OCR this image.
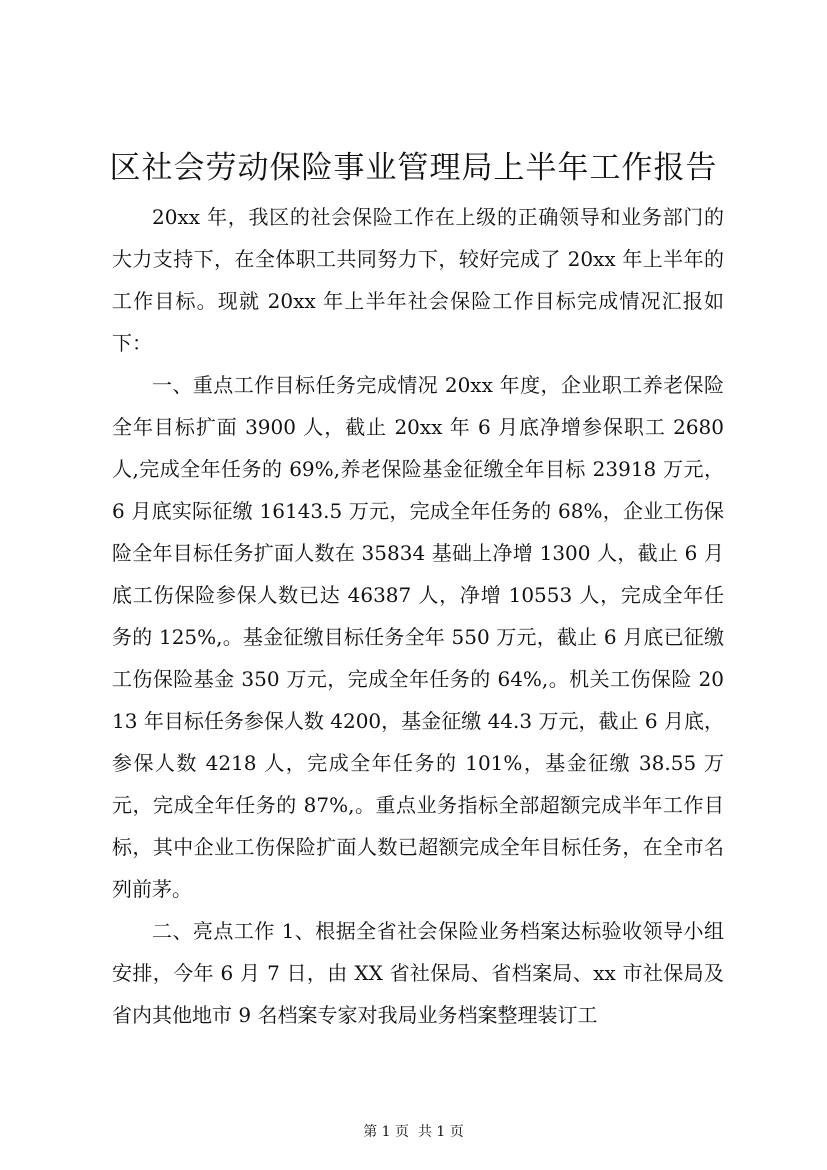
区社会劳动保险事业管理局上半年工作报告

20xx 年，我区的社会保险工作在上级的正确领导和业务部门的大力支持下，在全体职工共同努力下，较好完成了 20xx 年上半年的工作目标。现就 20xx 年上半年社会保险工作目标完成情况汇报如下：

一、重点工作目标任务完成情况 20xx 年度，企业职工养老保险全年目标扩面 3900 人，截止 20xx 年 6 月底净增参保职工 2680 人,完成全年任务的 69%,养老保险基金征缴全年目标 23918 万元，6 月底实际征缴 16143.5 万元，完成全年任务的 68%，企业工伤保险全年目标任务扩面人数在 35834 基础上净增 1300 人，截止 6 月底工伤保险参保人数已达 46387 人，净增 10553 人，完成全年任务的 125%,。基金征缴目标任务全年 550 万元，截止 6 月底已征缴工伤保险基金 350 万元，完成全年任务的 64%,。机关工伤保险 2013 年目标任务参保人数 4200，基金征缴 44.3 万元，截止 6 月底，参保人数 4218 人，完成全年任务的 101%，基金征缴 38.55 万元，完成全年任务的 87%,。重点业务指标全部超额完成半年工作目标，其中企业工伤保险扩面人数已超额完成全年目标任务，在全市名列前茅。

二、亮点工作 1、根据全省社会保险业务档案达标验收领导小组安排，今年 6 月 7 日，由 XX 省社保局、省档案局、xx 市社保局及省内其他地市 9 名档案专家对我局业务档案整理装订工

第 1 页  共 1 页
